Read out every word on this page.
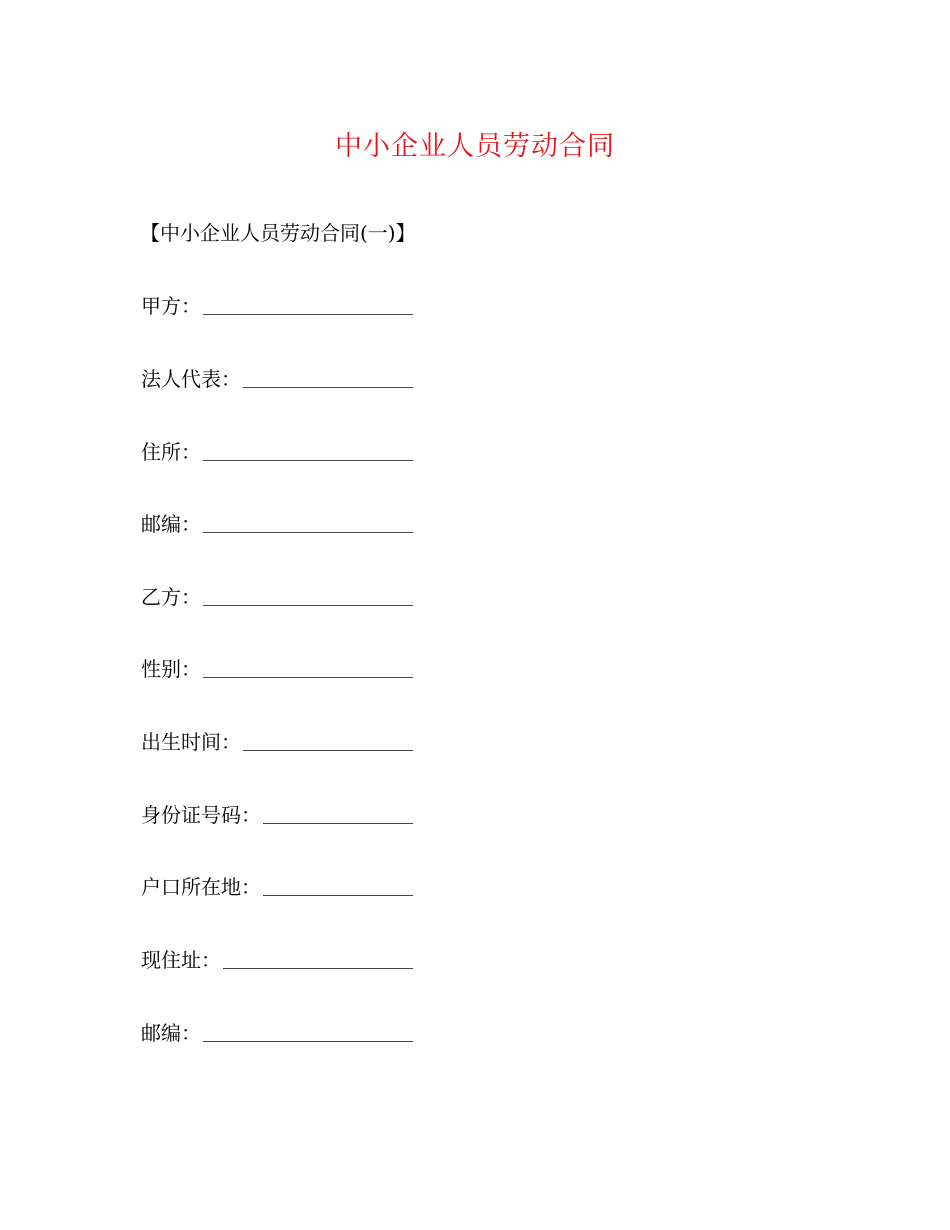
中小企业人员劳动合同
【中小企业人员劳动合同(一)】
甲方：
法人代表：
住所：
邮编：
乙方：
性别：
出生时间：
身份证号码：
户口所在地：
现住址：
邮编：
